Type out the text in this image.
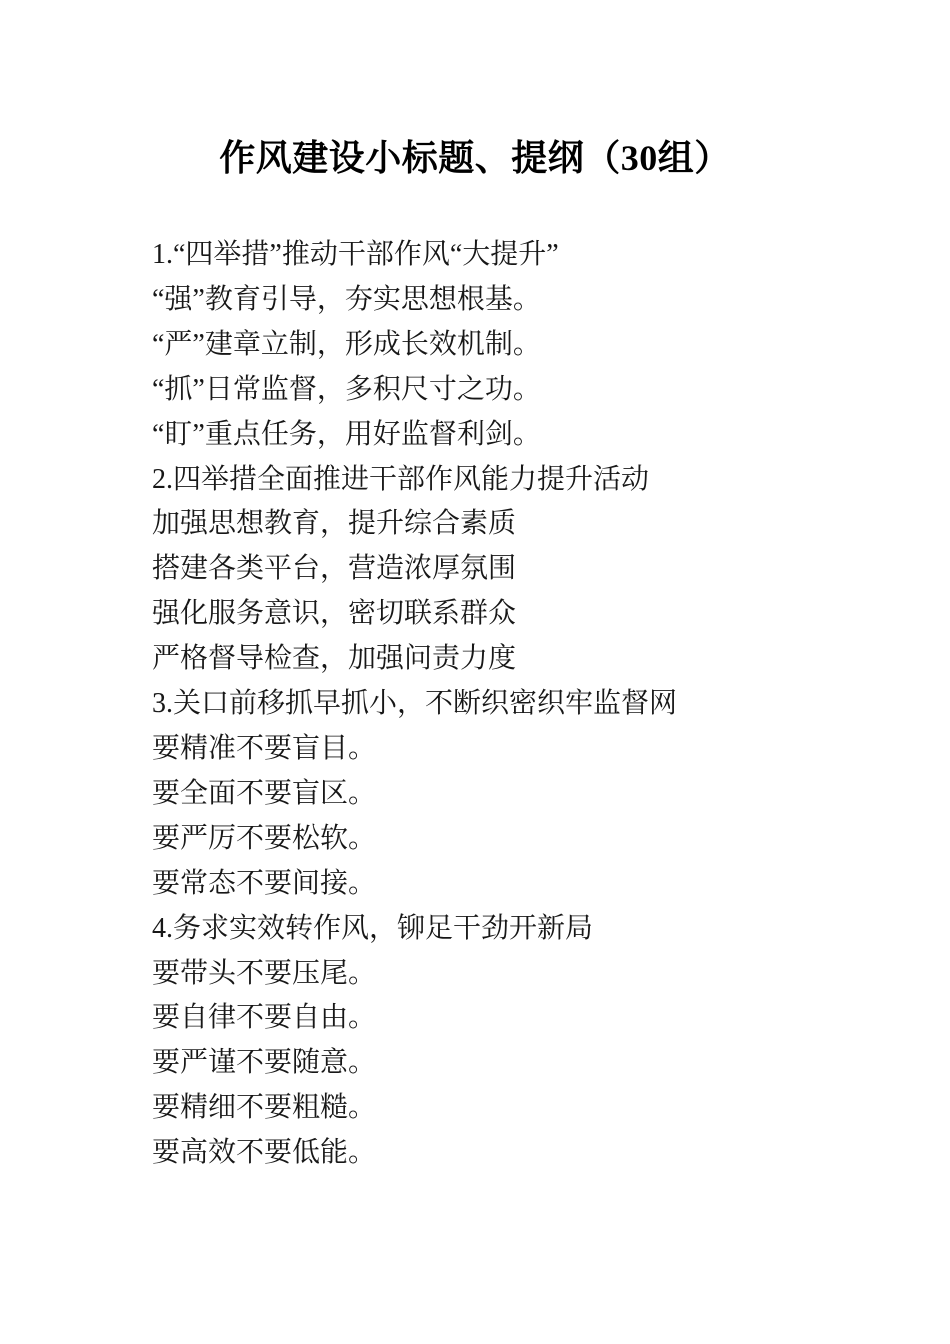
作风建设小标题、提纲（30组）

1.“四举措”推动干部作风“大提升”

“强”教育引导，夯实思想根基。

“严”建章立制，形成长效机制。

“抓”日常监督，多积尺寸之功。

“盯”重点任务，用好监督利剑。

2.四举措全面推进干部作风能力提升活动

加强思想教育，提升综合素质

搭建各类平台，营造浓厚氛围

强化服务意识，密切联系群众

严格督导检查，加强问责力度

3.关口前移抓早抓小，不断织密织牢监督网

要精准不要盲目。

要全面不要盲区。

要严厉不要松软。

要常态不要间接。

4.务求实效转作风，铆足干劲开新局

要带头不要压尾。

要自律不要自由。

要严谨不要随意。

要精细不要粗糙。

要高效不要低能。
